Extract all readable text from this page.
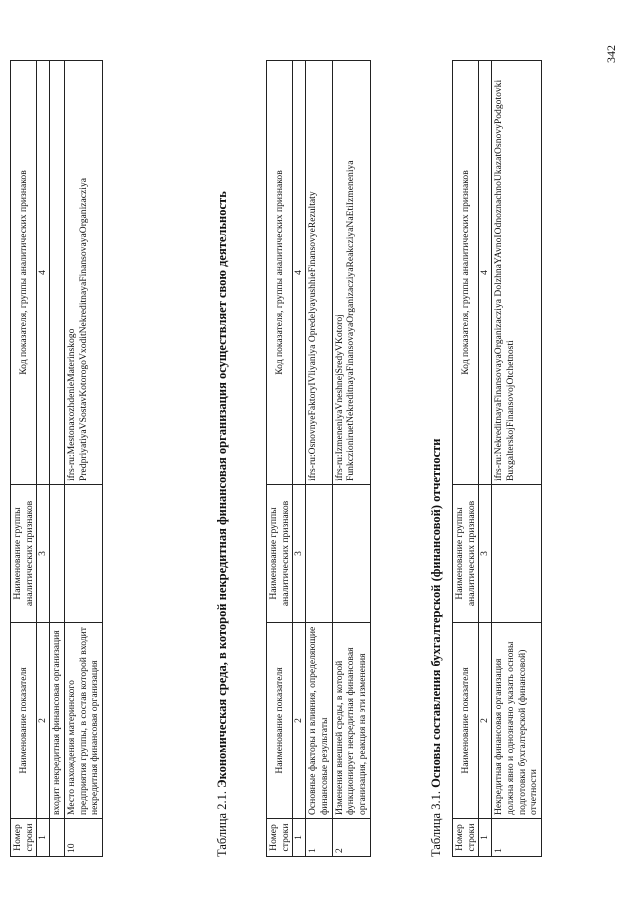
342
Номер строки	Наименование показателя	Наименование группы аналитических признаков	Код показателя, группы аналитических признаков
1	2	3	4
	входит некредитная финансовая организация		
10	Место нахождения материнского предприятия группы, в состав которой входит некредитная финансовая организация		ifrs-ru:MestonaxozhdenieMaterinskogo PredpriyatiyaVSostavKotorogoVxoditNekreditnayaFinansovayaOrganizacziya
Таблица 2.1. Экономическая среда, в которой некредитная финансовая организация осуществляет свою деятельность
Номер строки	Наименование показателя	Наименование группы аналитических признаков	Код показателя, группы аналитических признаков
1	2	3	4
1	Основные факторы и влияния, определяющие финансовые результаты		ifrs-ru:OsnovnyeFaktoryIVliyaniya OpredelyayushhieFinansovyeRezultaty
2	Изменения внешней среды, в которой функционирует некредитная финансовая организация, реакция на эти изменения		ifrs-ru:IzmeneniyaVneshnejSredyVKotoroj FunkczioniruetNekreditnayaFinansovayaOrganizacziyaReakcziyaNaEtiIzmeneniya
Таблица 3.1. Основы составления бухгалтерской (финансовой) отчетности
Номер строки	Наименование показателя	Наименование группы аналитических признаков	Код показателя, группы аналитических признаков
1	2	3	4
1	Некредитная финансовая организация должна явно и однозначно указать основы подготовки бухгалтерской (финансовой) отчетности		ifrs-ru:NekreditnayaFinansovayaOrganizacziya DolzhnaYAvnoIOdnoznachnoUkazatOsnovyPodgotovki BuxgalterskojFinansovojOtchetnosti
